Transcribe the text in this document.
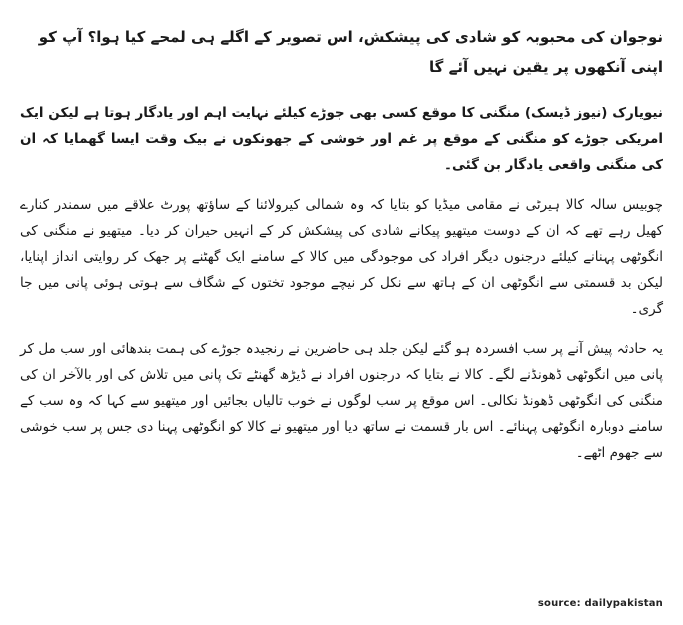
نوجوان کی محبوبہ کو شادی کی پیشکش، اس تصویر کے اگلے ہی لمحے کیا ہوا؟ آپ کو اپنی آنکھوں پر یقین نہیں آئے گا
نیویارک (نیوز ڈیسک) منگنی کا موقع کسی بھی جوڑے کیلئے نہایت اہم اور یادگار ہوتا ہے لیکن ایک امریکی جوڑے کو منگنی کے موقع پر غم اور خوشی کے جھونکوں نے بیک وقت ایسا گھمایا کہ ان کی منگنی واقعی یادگار بن گئی۔
چوبیس سالہ کالا ہیرٹی نے مقامی میڈیا کو بتایا کہ وہ شمالی کیرولائنا کے ساؤتھ پورٹ علاقے میں سمندر کنارے کھیل رہے تھے کہ ان کے دوست میتھیو پیکانے شادی کی پیشکش کر کے انہیں حیران کر دیا۔ میتھیو نے منگنی کی انگوٹھی پہنانے کیلئے درجنوں دیگر افراد کی موجودگی میں کالا کے سامنے ایک گھٹنے پر جھک کر روایتی انداز اپنایا، لیکن بد قسمتی سے انگوٹھی ان کے ہاتھ سے نکل کر نیچے موجود تختوں کے شگاف سے ہوتی ہوئی پانی میں جا گری۔
یہ حادثہ پیش آنے پر سب افسردہ ہو گئے لیکن جلد ہی حاضرین نے رنجیدہ جوڑے کی ہمت بندھائی اور سب مل کر پانی میں انگوٹھی ڈھونڈنے لگے۔ کالا نے بتایا کہ درجنوں افراد نے ڈیڑھ گھنٹے تک پانی میں تلاش کی اور بالآخر ان کی منگنی کی انگوٹھی ڈھونڈ نکالی۔ اس موقع پر سب لوگوں نے خوب تالیاں بجائیں اور میتھیو سے کہا کہ وہ سب کے سامنے دوبارہ انگوٹھی پہنائے۔ اس بار قسمت نے ساتھ دیا اور میتھیو نے کالا کو انگوٹھی پہنا دی جس پر سب خوشی سے جھوم اٹھے۔
source: dailypakistan
